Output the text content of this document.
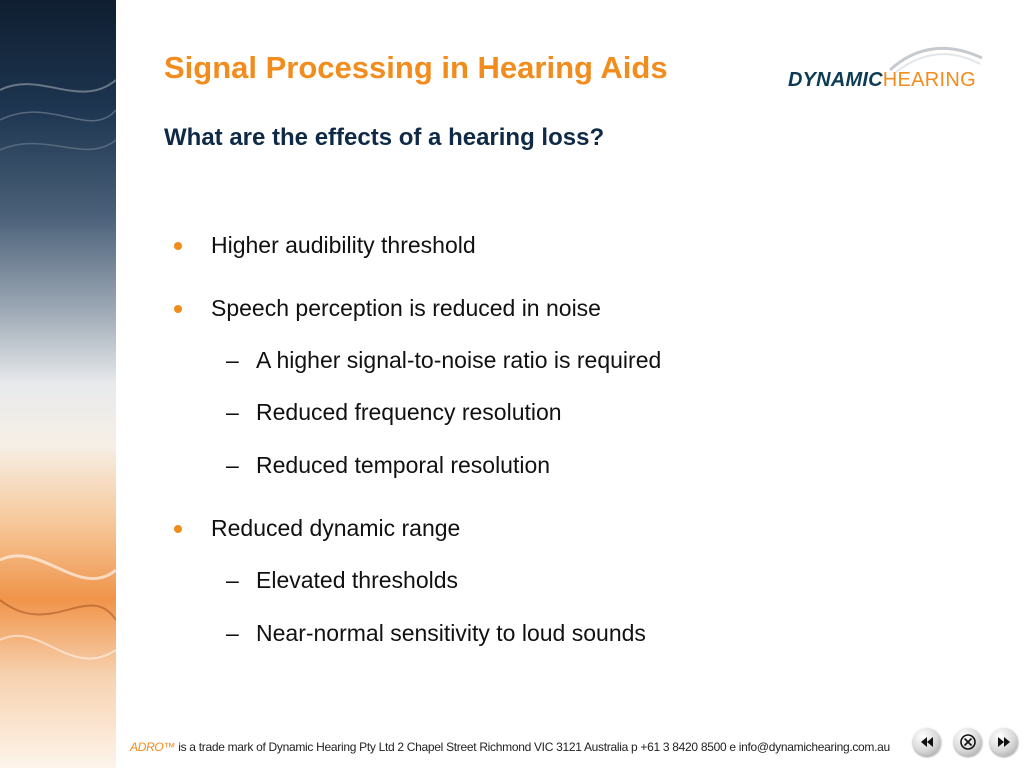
Signal Processing in Hearing Aids
What are the effects of a hearing loss?
DYNAMICHEARING
Higher audibility threshold
Speech perception is reduced in noise
– A higher signal-to-noise ratio is required
– Reduced frequency resolution
– Reduced temporal resolution
Reduced dynamic range
– Elevated thresholds
– Near-normal sensitivity to loud sounds
ADRO™ is a trade mark of Dynamic Hearing Pty Ltd 2 Chapel Street Richmond VIC 3121 Australia p +61 3 8420 8500 e info@dynamichearing.com.au
